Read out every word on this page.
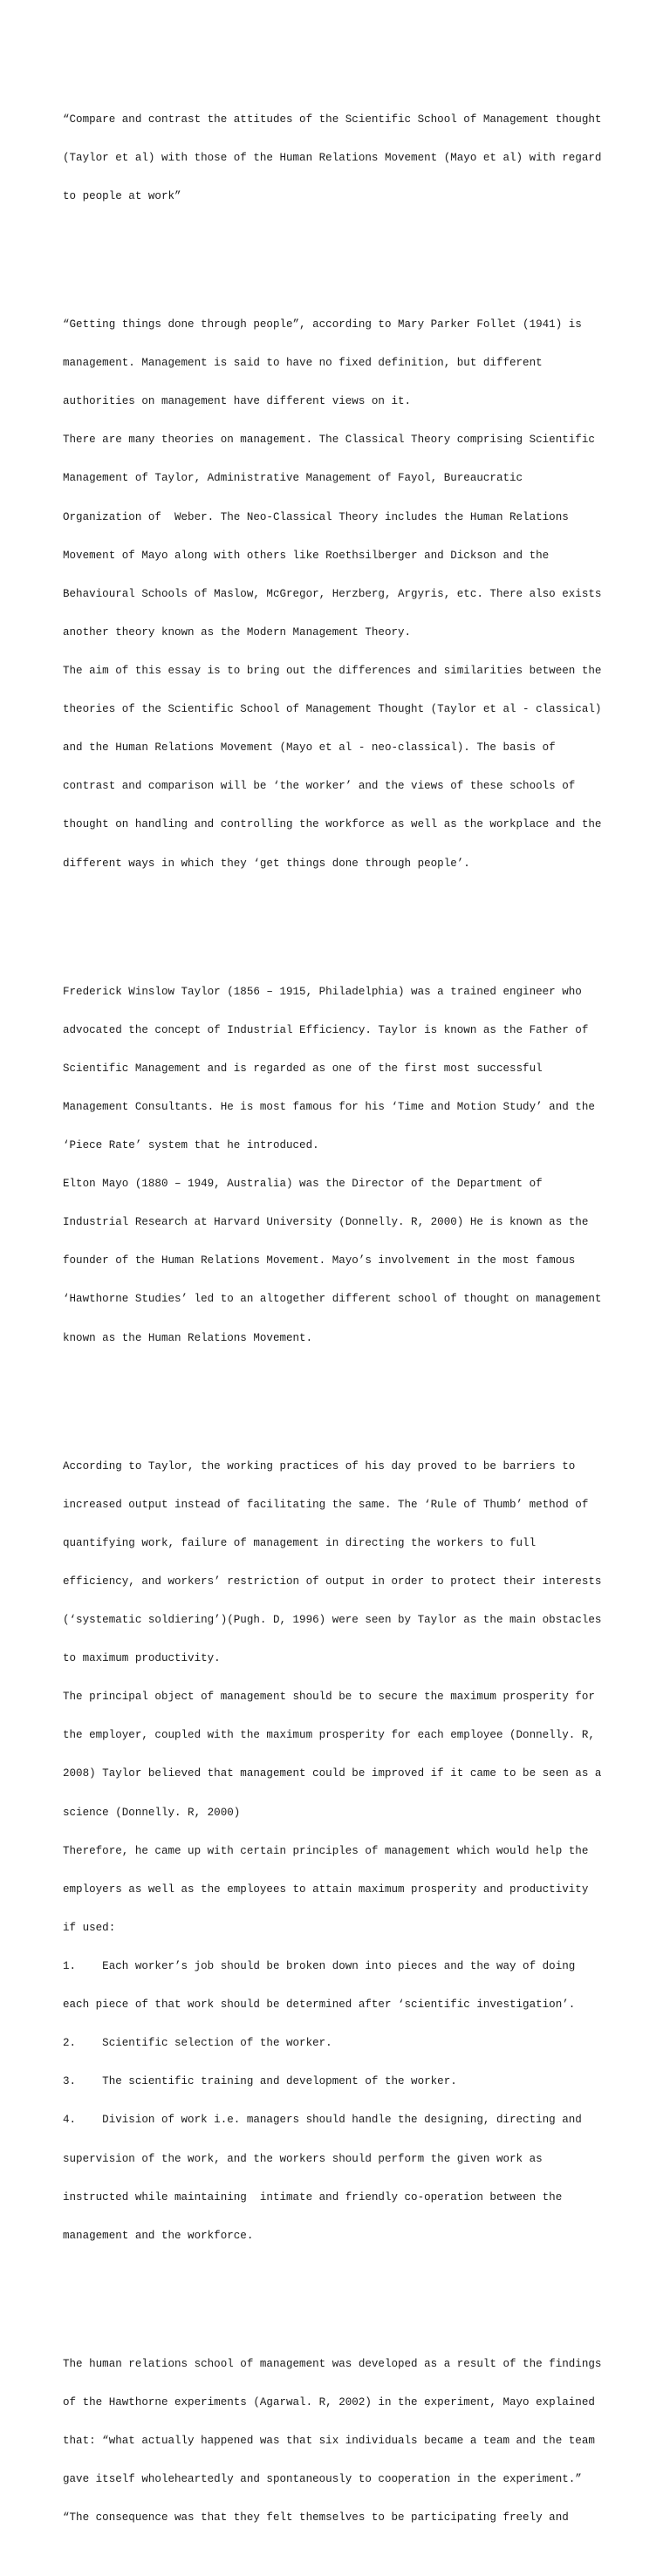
“Compare and contrast the attitudes of the Scientific School of Management thought

(Taylor et al) with those of the Human Relations Movement (Mayo et al) with regard

to people at work”

“Getting things done through people”, according to Mary Parker Follet (1941) is

management. Management is said to have no fixed definition, but different

authorities on management have different views on it.

There are many theories on management. The Classical Theory comprising Scientific

Management of Taylor, Administrative Management of Fayol, Bureaucratic

Organization of  Weber. The Neo-Classical Theory includes the Human Relations

Movement of Mayo along with others like Roethsilberger and Dickson and the

Behavioural Schools of Maslow, McGregor, Herzberg, Argyris, etc. There also exists

another theory known as the Modern Management Theory.

The aim of this essay is to bring out the differences and similarities between the

theories of the Scientific School of Management Thought (Taylor et al - classical)

and the Human Relations Movement (Mayo et al - neo-classical). The basis of

contrast and comparison will be ‘the worker’ and the views of these schools of

thought on handling and controlling the workforce as well as the workplace and the

different ways in which they ‘get things done through people’.

Frederick Winslow Taylor (1856 – 1915, Philadelphia) was a trained engineer who

advocated the concept of Industrial Efficiency. Taylor is known as the Father of

Scientific Management and is regarded as one of the first most successful

Management Consultants. He is most famous for his ‘Time and Motion Study’ and the

‘Piece Rate’ system that he introduced.

Elton Mayo (1880 – 1949, Australia) was the Director of the Department of

Industrial Research at Harvard University (Donnelly. R, 2000) He is known as the

founder of the Human Relations Movement. Mayo’s involvement in the most famous

‘Hawthorne Studies’ led to an altogether different school of thought on management

known as the Human Relations Movement.

According to Taylor, the working practices of his day proved to be barriers to

increased output instead of facilitating the same. The ‘Rule of Thumb’ method of

quantifying work, failure of management in directing the workers to full

efficiency, and workers’ restriction of output in order to protect their interests

(‘systematic soldiering’)(Pugh. D, 1996) were seen by Taylor as the main obstacles

to maximum productivity.

The principal object of management should be to secure the maximum prosperity for

the employer, coupled with the maximum prosperity for each employee (Donnelly. R,

2008) Taylor believed that management could be improved if it came to be seen as a

science (Donnelly. R, 2000)

Therefore, he came up with certain principles of management which would help the

employers as well as the employees to attain maximum prosperity and productivity

if used:

1.    Each worker’s job should be broken down into pieces and the way of doing

each piece of that work should be determined after ‘scientific investigation’.

2.    Scientific selection of the worker.

3.    The scientific training and development of the worker.

4.    Division of work i.e. managers should handle the designing, directing and

supervision of the work, and the workers should perform the given work as

instructed while maintaining  intimate and friendly co-operation between the

management and the workforce.

The human relations school of management was developed as a result of the findings

of the Hawthorne experiments (Agarwal. R, 2002) in the experiment, Mayo explained

that: “what actually happened was that six individuals became a team and the team

gave itself wholeheartedly and spontaneously to cooperation in the experiment.”

“The consequence was that they felt themselves to be participating freely and
